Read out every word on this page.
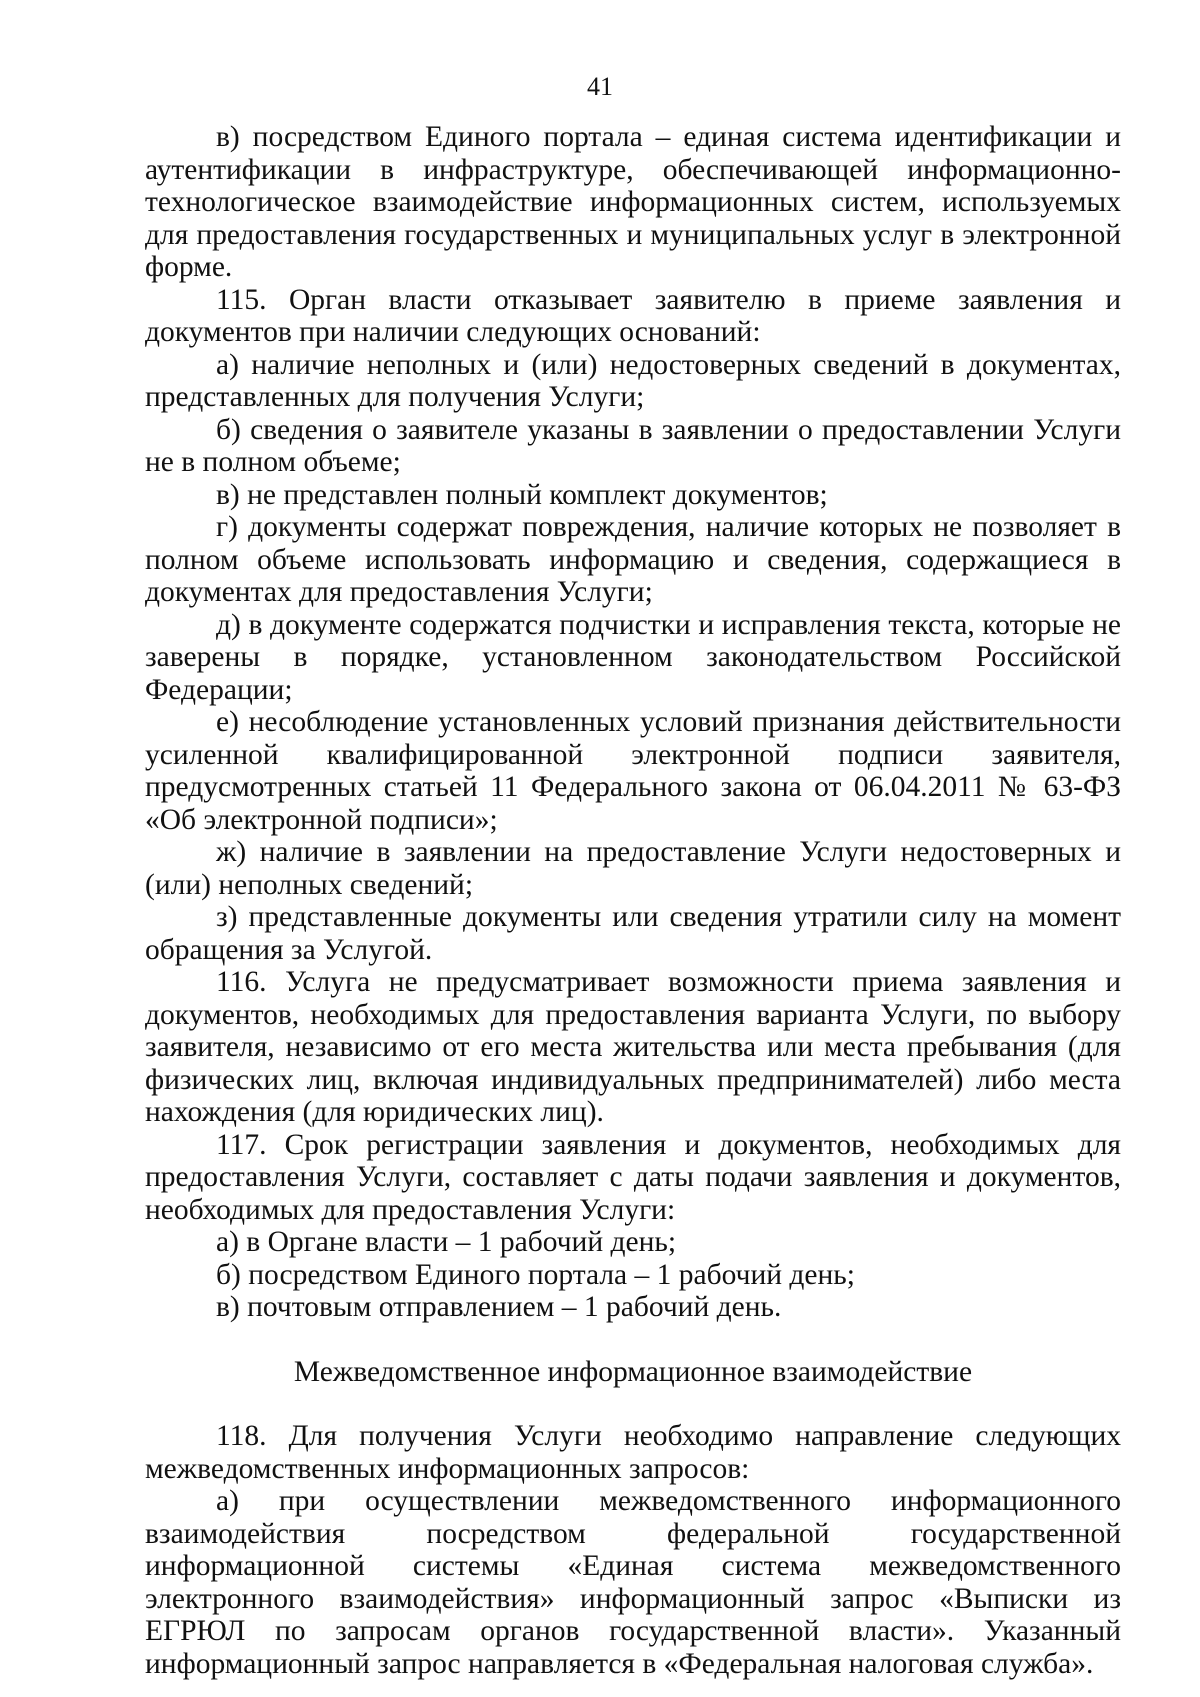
41

в) посредством Единого портала – единая система идентификации и аутентификации в инфраструктуре, обеспечивающей информационно-технологическое взаимодействие информационных систем, используемых для предоставления государственных и муниципальных услуг в электронной форме.

115. Орган власти отказывает заявителю в приеме заявления и документов при наличии следующих оснований:

а) наличие неполных и (или) недостоверных сведений в документах, представленных для получения Услуги;

б) сведения о заявителе указаны в заявлении о предоставлении Услуги не в полном объеме;

в) не представлен полный комплект документов;

г) документы содержат повреждения, наличие которых не позволяет в полном объеме использовать информацию и сведения, содержащиеся в документах для предоставления Услуги;

д) в документе содержатся подчистки и исправления текста, которые не заверены в порядке, установленном законодательством Российской Федерации;

е) несоблюдение установленных условий признания действительности усиленной квалифицированной электронной подписи заявителя, предусмотренных статьей 11 Федерального закона от 06.04.2011 № 63-ФЗ «Об электронной подписи»;

ж) наличие в заявлении на предоставление Услуги недостоверных и (или) неполных сведений;

з) представленные документы или сведения утратили силу на момент обращения за Услугой.

116. Услуга не предусматривает возможности приема заявления и документов, необходимых для предоставления варианта Услуги, по выбору заявителя, независимо от его места жительства или места пребывания (для физических лиц, включая индивидуальных предпринимателей) либо места нахождения (для юридических лиц).

117. Срок регистрации заявления и документов, необходимых для предоставления Услуги, составляет с даты подачи заявления и документов, необходимых для предоставления Услуги:

а) в Органе власти – 1 рабочий день;

б) посредством Единого портала – 1 рабочий день;

в) почтовым отправлением – 1 рабочий день.

Межведомственное информационное взаимодействие

118. Для получения Услуги необходимо направление следующих межведомственных информационных запросов:

а) при осуществлении межведомственного информационного взаимодействия посредством федеральной государственной информационной системы «Единая система межведомственного электронного взаимодействия» информационный запрос «Выписки из ЕГРЮЛ по запросам органов государственной власти». Указанный информационный запрос направляется в «Федеральная налоговая служба».
